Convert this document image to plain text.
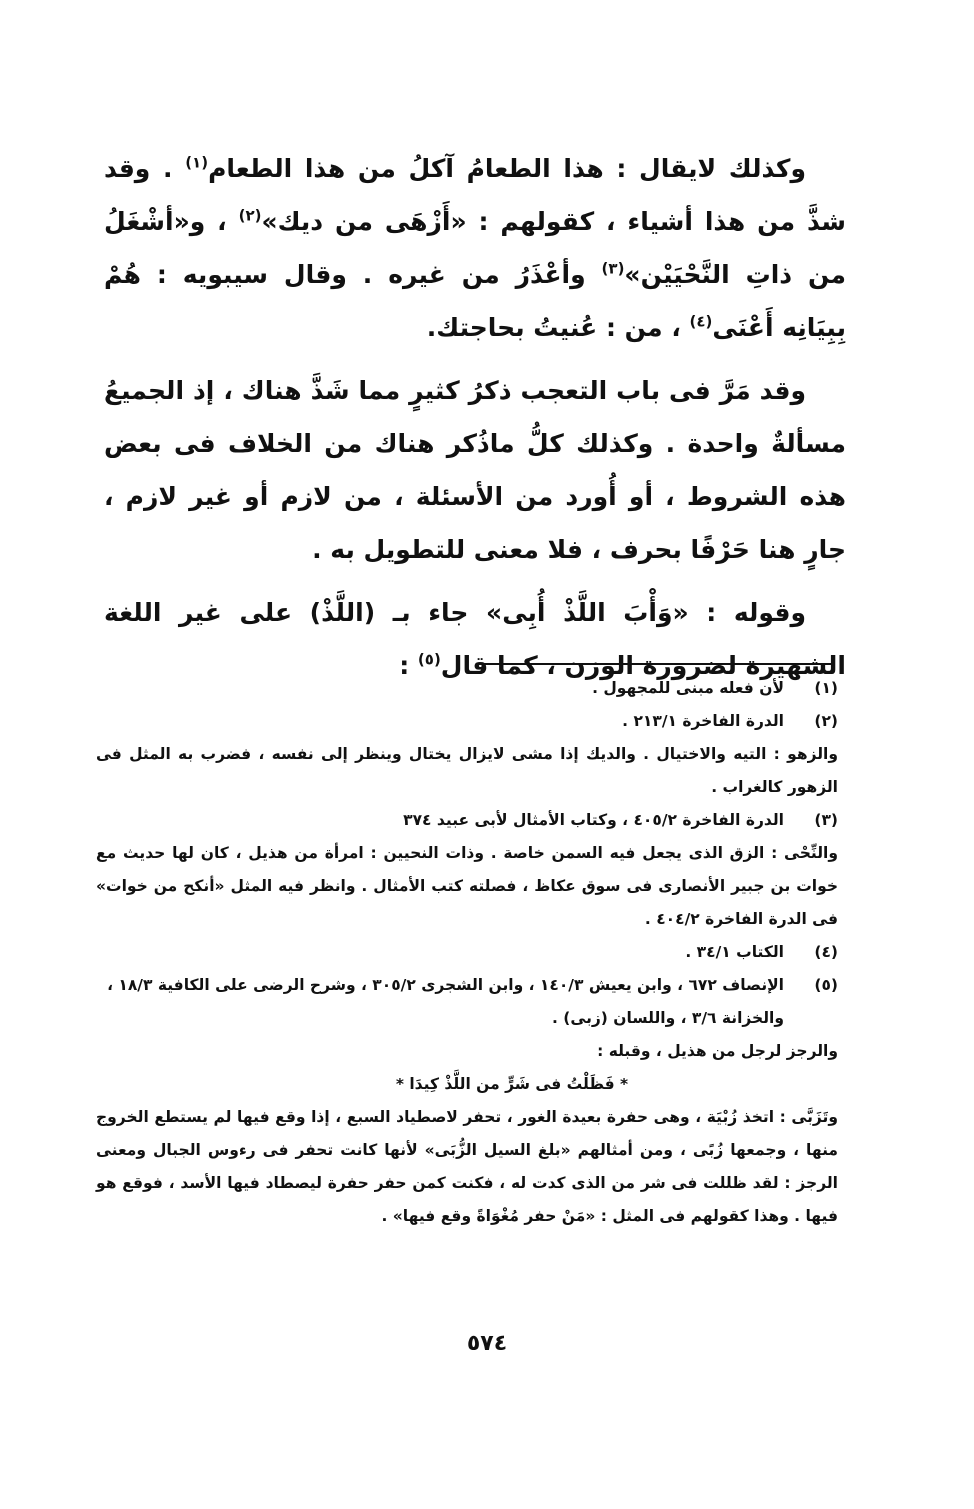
وكذلك لايقال : هذا الطعامُ آكلُ من هذا الطعام$^{(١)}$ . وقد شذَّ من هذا أشياء ، كقولهم : «أَزْهَى من ديك»$^{(٢)}$ ، و«أشْغَلُ من ذاتِ النَّحْيَيْن»$^{(٣)}$ وأعْذَرُ من غيره . وقال سيبويه : هُمْ بِبِيَانِه أَعْنَى$^{(٤)}$ ، من : عُنيتُ بحاجتك.

وقد مَرَّ فى باب التعجب ذكرُ كثيرٍ مما شَذَّ هناك ، إذ الجميعُ مسألةٌ واحدة . وكذلك كلُّ ماذُكر هناك من الخلاف فى بعض هذه الشروط ، أو أُورد من الأسئلة ، من لازم أو غير لازم ، جارٍ هنا حَرْفًا بحرف ، فلا معنى للتطويل به .

وقوله : «وَأْبَ اللَّذْ أُبِى» جاء بـ (اللَّذْ) على غير اللغة الشهيرة لضرورة الوزن ، كما قال$^{(٥)}$ :

(١)
لأن فعله مبنى للمجهول .
(٢)
الدرة الفاخرة ٢١٣/١ .

والزهو : التيه والاختيال . والديك إذا مشى لايزال يختال وينظر إلى نفسه ، فضرب به المثل فى الزهور كالغراب .

(٣)
الدرة الفاخرة ٤٠٥/٢ ، وكتاب الأمثال لأبى عبيد ٣٧٤

والنِّحْى : الزق الذى يجعل فيه السمن خاصة . وذات النحيين : امرأة من هذيل ، كان لها حديث مع خوات بن جبير الأنصارى فى سوق عكاظ ، فصلته كتب الأمثال . وانظر فيه المثل «أنكح من خوات» فى الدرة الفاخرة ٤٠٤/٢ .

(٤)
الكتاب ٣٤/١ .
(٥)
الإنصاف ٦٧٢ ، وابن يعيش ١٤٠/٣ ، وابن الشجرى ٣٠٥/٢ ، وشرح الرضى على الكافية ١٨/٣ ، والخزانة ٣/٦ ، واللسان (زبى) .

والرجز لرجل من هذيل ، وقبله :

* فَظَلْتُ فى شَرٍّ من اللَّذْ كِيدَا *

وتَزَبَّى : اتخذ زُبْيَة ، وهى حفرة بعيدة الغور ، تحفر لاصطياد السبع ، إذا وقع فيها لم يستطع الخروج منها ، وجمعها زُبًى ، ومن أمثالهم «بلغ السيل الزُّبَى» لأنها كانت تحفر فى رءوس الجبال ومعنى الرجز : لقد ظللت فى شر من الذى كدت له ، فكنت كمن حفر حفرة ليصطاد فيها الأسد ، فوقع هو فيها . وهذا كقولهم فى المثل : «مَنْ حفر مُغْوَاةً وقع فيها» .

٥٧٤
